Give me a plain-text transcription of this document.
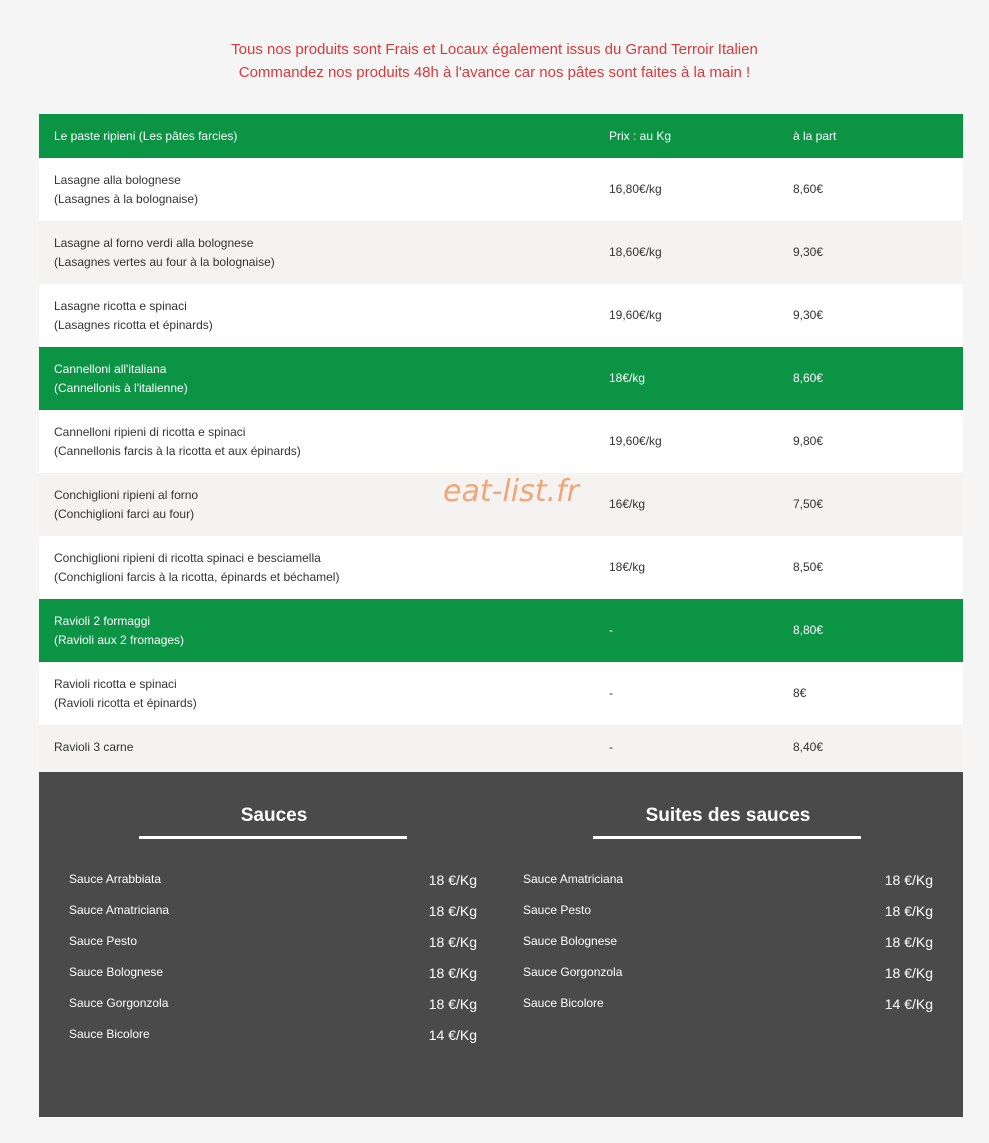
Tous nos produits sont Frais et Locaux également issus du Grand Terroir Italien
Commandez nos produits 48h à l'avance car nos pâtes sont faites à la main !
Le paste ripieni (Les pâtes farcies)	Prix : au Kg	à la part

Lasagne alla bolognese
(Lasagnes à la bolognaise)	16,80€/kg	8,60€

Lasagne al forno verdi alla bolognese
(Lasagnes vertes au four à la bolognaise)	18,60€/kg	9,30€

Lasagne ricotta e spinaci
(Lasagnes ricotta et épinards)	19,60€/kg	9,30€

Cannelloni all'italiana
(Cannellonis à l'italienne)	18€/kg	8,60€

Cannelloni ripieni di ricotta e spinaci
(Cannellonis farcis à la ricotta et aux épinards)	19,60€/kg	9,80€

Conchiglioni ripieni al forno
(Conchiglioni farci au four)	16€/kg	7,50€

Conchiglioni ripieni di ricotta spinaci e besciamella
(Conchiglioni farcis à la ricotta, épinards et béchamel)	18€/kg	8,50€

Ravioli 2 formaggi
(Ravioli aux 2 fromages)	-	8,80€

Ravioli ricotta e spinaci
(Ravioli ricotta et épinards)	-	8€

Ravioli 3 carne	-	8,40€
eat-list.fr
Sauces
Sauce Arrabbiata	18 €/Kg
Sauce Amatriciana	18 €/Kg
Sauce Pesto	18 €/Kg
Sauce Bolognese	18 €/Kg
Sauce Gorgonzola	18 €/Kg
Sauce Bicolore	14 €/Kg
Suites des sauces
Sauce Amatriciana	18 €/Kg
Sauce Pesto	18 €/Kg
Sauce Bolognese	18 €/Kg
Sauce Gorgonzola	18 €/Kg
Sauce Bicolore	14 €/Kg
